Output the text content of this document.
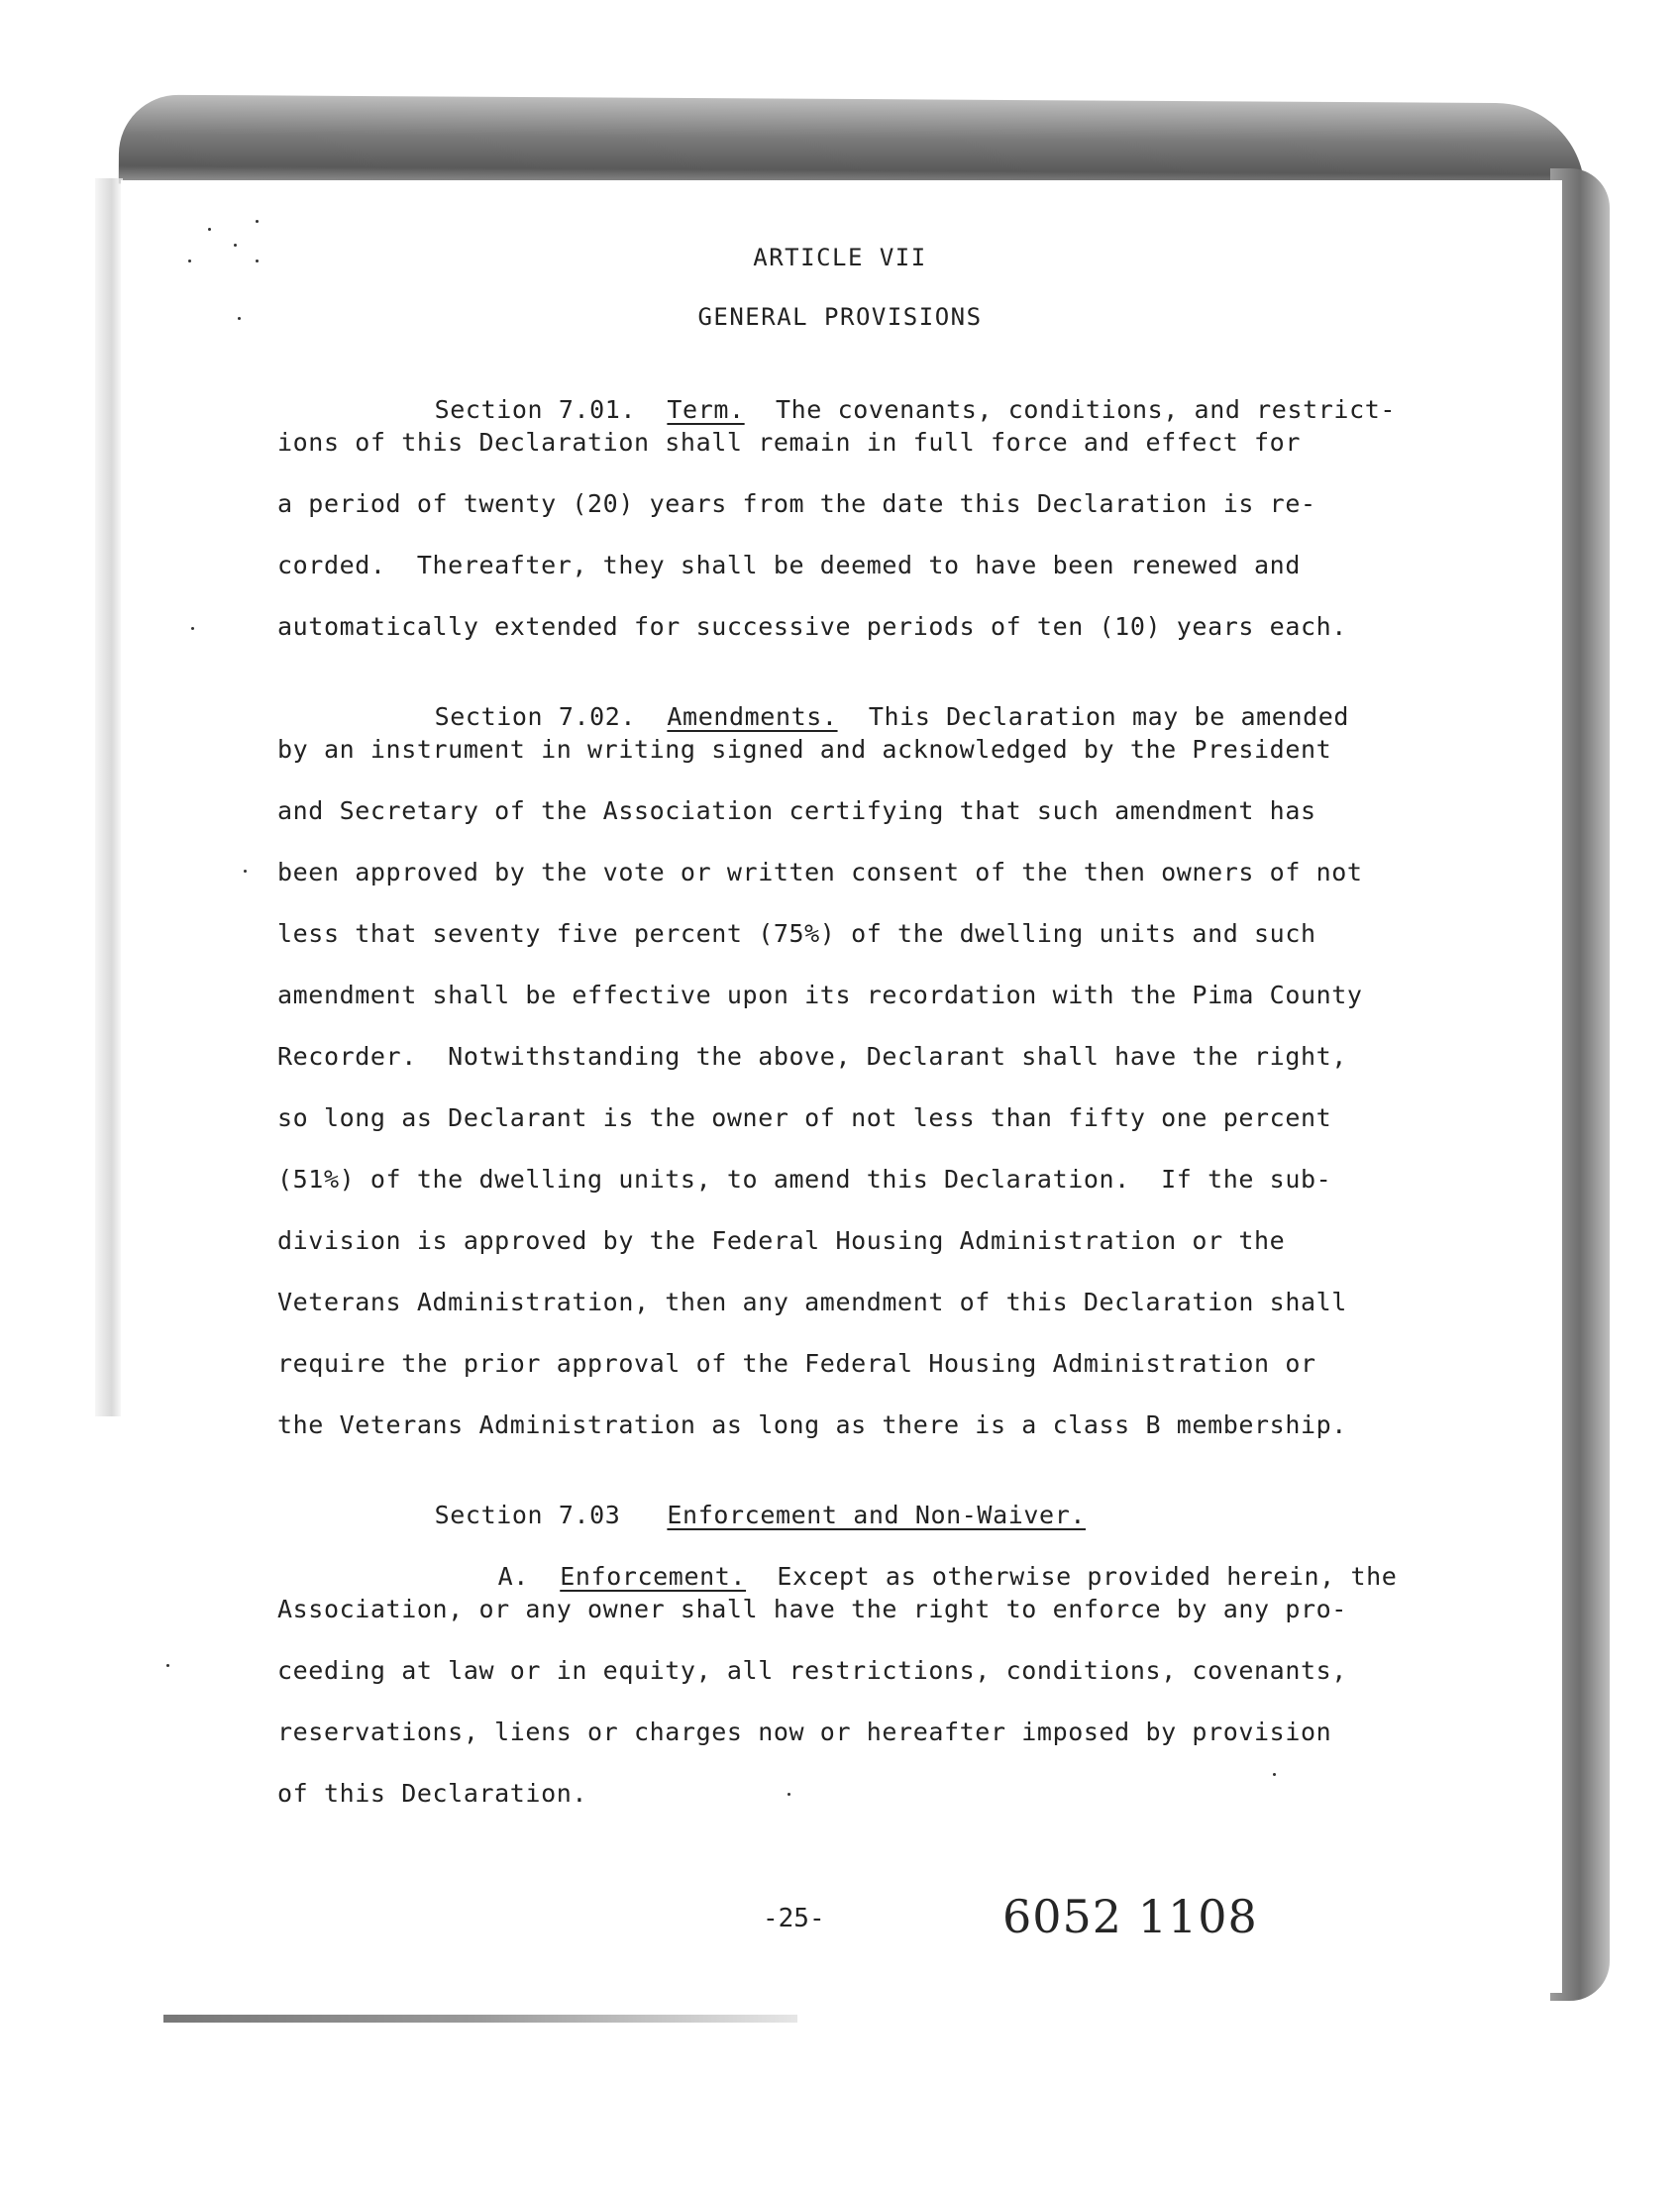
ARTICLE VII
GENERAL PROVISIONS

Section 7.01. Term. The covenants, conditions, and restrict-

ions of this Declaration shall remain in full force and effect for
a period of twenty (20) years from the date this Declaration is re-
corded.  Thereafter, they shall be deemed to have been renewed and
automatically extended for successive periods of ten (10) years each.

Section 7.02. Amendments. This Declaration may be amended

by an instrument in writing signed and acknowledged by the President
and Secretary of the Association certifying that such amendment has
been approved by the vote or written consent of the then owners of not
less that seventy five percent (75%) of the dwelling units and such
amendment shall be effective upon its recordation with the Pima County
Recorder.  Notwithstanding the above, Declarant shall have the right,
so long as Declarant is the owner of not less than fifty one percent
(51%) of the dwelling units, to amend this Declaration.  If the sub-
division is approved by the Federal Housing Administration or the
Veterans Administration, then any amendment of this Declaration shall
require the prior approval of the Federal Housing Administration or
the Veterans Administration as long as there is a class B membership.

Section 7.03 Enforcement and Non-Waiver.

A. Enforcement. Except as otherwise provided herein, the

Association, or any owner shall have the right to enforce by any pro-
ceeding at law or in equity, all restrictions, conditions, covenants,
reservations, liens or charges now or hereafter imposed by provision
of this Declaration.
-25-	6052 1108
